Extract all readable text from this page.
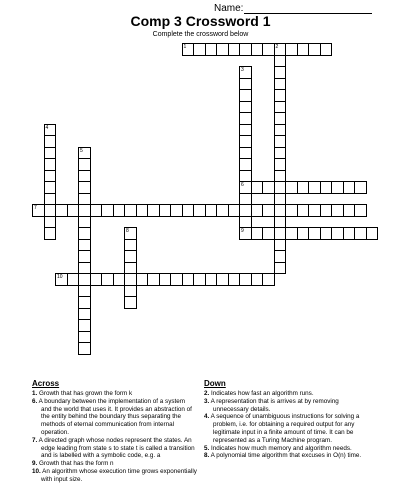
Name:
Comp 3 Crossword 1
Complete the crossword below
1	2
3
6
4
5
7
8	9
10
Across
1. Growth that has grown the form k
6. A boundary between the implementation of a system and the world that uses it. It provides an abstraction of the entity behind the boundary thus separating the methods of eternal communication from internal operation.
7. A directed graph whose nodes represent the states. An edge leading from state s to state t is called a transition and is labelled with a symbolic code, e.g. a
9. Growth that has the form n
10. An algorithm whose execution time grows exponentially with input size.
Down
2. Indicates how fast an algorithm runs.
3. A representation that is arrives at by removing unnecessary details.
4. A sequence of unambiguous instructions for solving a problem, i.e. for obtaining a required output for any legitimate input in a finite amount of time. It can be represented as a Turing Machine program.
5. Indicates how much memory and algorithm needs.
8. A polynomial time algorithm that excuses in O(n) time.
